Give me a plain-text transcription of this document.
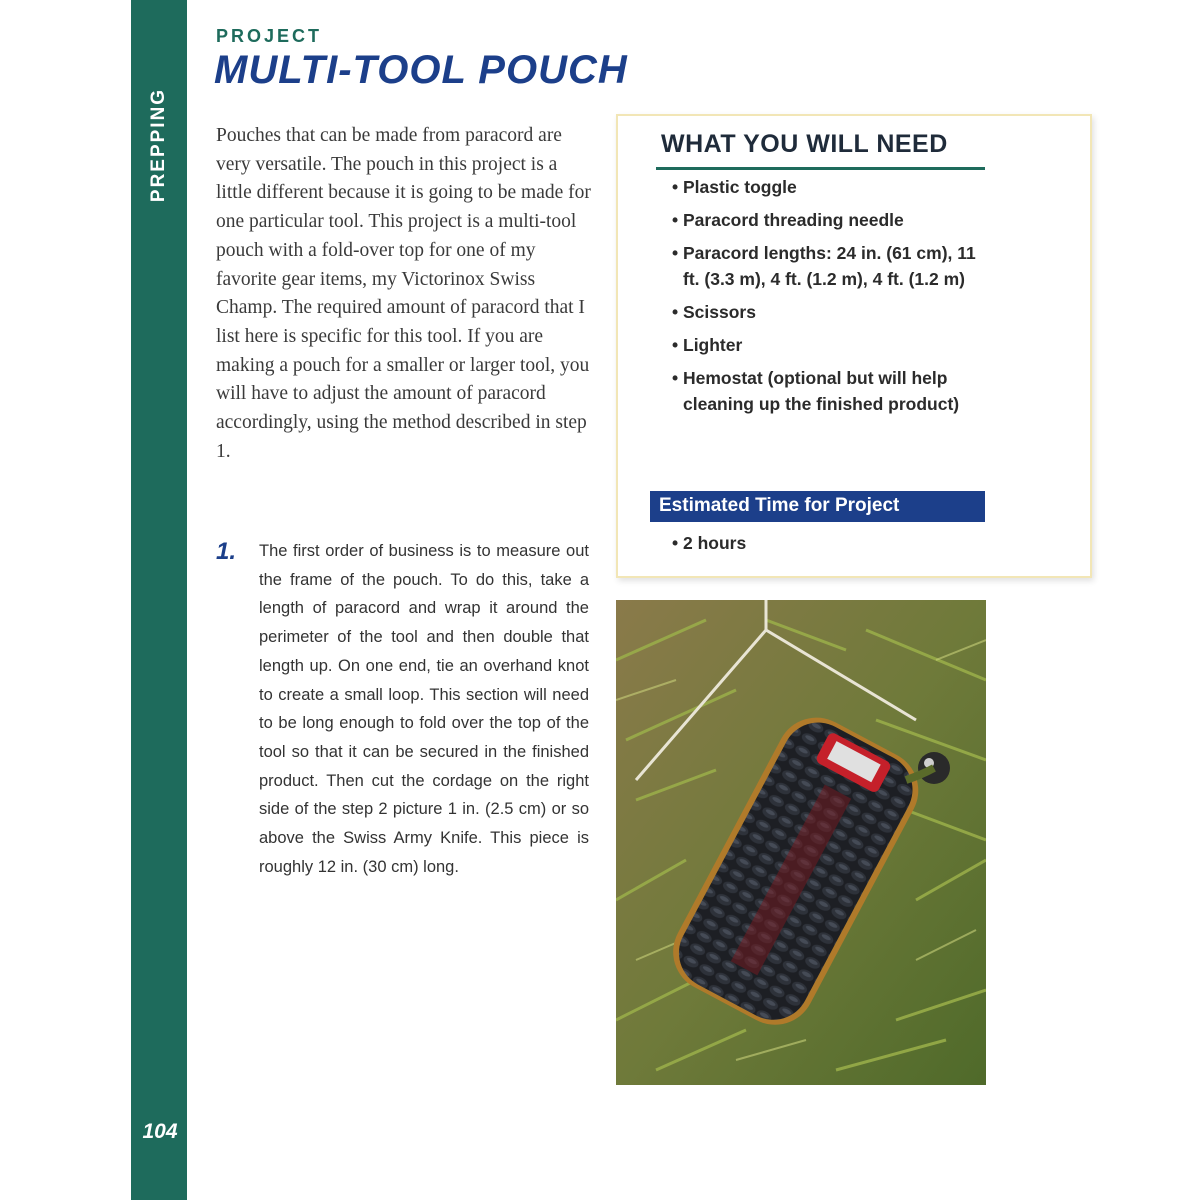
PREPPING
104
PROJECT
MULTI-TOOL POUCH

Pouches that can be made from paracord are very versatile. The pouch in this project is a little different because it is going to be made for one particular tool. This project is a multi-tool pouch with a fold-over top for one of my favorite gear items, my Victorinox Swiss Champ. The required amount of paracord that I list here is specific for this tool. If you are making a pouch for a smaller or larger tool, you will have to adjust the amount of paracord accordingly, using the method described in step 1.

1. The first order of business is to measure out the frame of the pouch. To do this, take a length of paracord and wrap it around the perimeter of the tool and then double that length up. On one end, tie an overhand knot to create a small loop. This section will need to be long enough to fold over the top of the tool so that it can be secured in the finished product. Then cut the cordage on the right side of the step 2 picture 1 in. (2.5 cm) or so above the Swiss Army Knife. This piece is roughly 12 in. (30 cm) long.

WHAT YOU WILL NEED
• Plastic toggle
• Paracord threading needle
• Paracord lengths: 24 in. (61 cm), 11 ft. (3.3 m), 4 ft. (1.2 m), 4 ft. (1.2 m)
• Scissors
• Lighter
• Hemostat (optional but will help cleaning up the finished product)
Estimated Time for Project
• 2 hours
